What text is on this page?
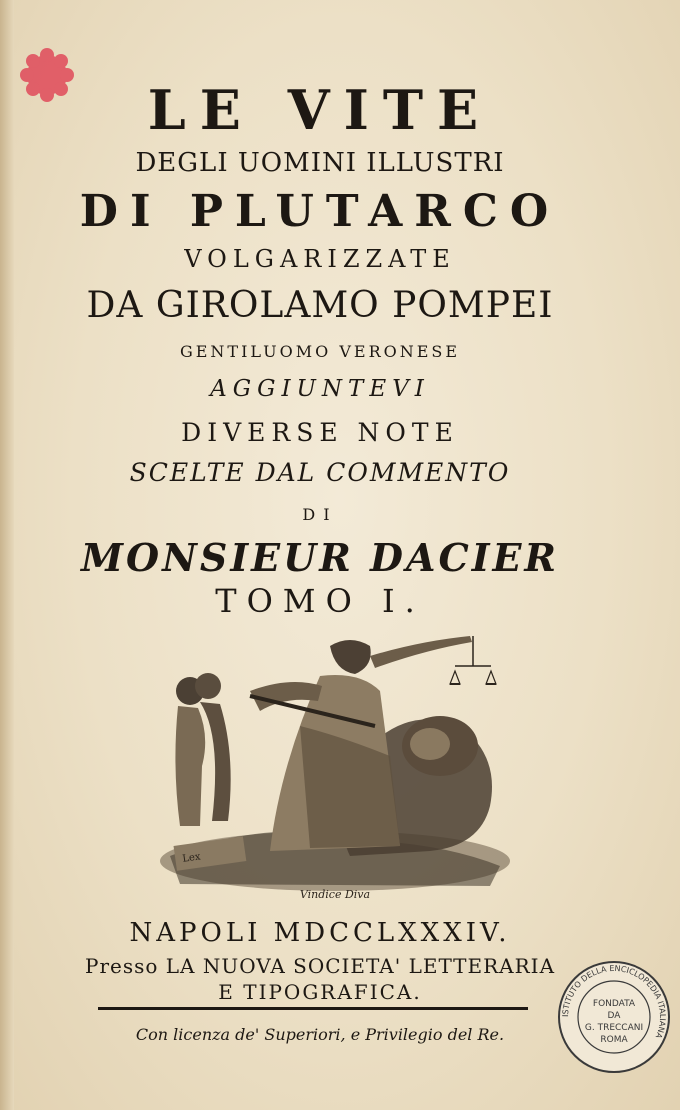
LE VITE
DEGLI UOMINI ILLUSTRI
DI PLUTARCO
VOLGARIZZATE
DA GIROLAMO POMPEI
GENTILUOMO VERONESE
AGGIUNTEVI
DIVERSE NOTE
SCELTE DAL COMMENTO
DI
MONSIEUR DACIER
TOMO I.
Lex
Vindice Diva
NAPOLI MDCCLXXXIV.
Presso LA NUOVA SOCIETA' LETTERARIA
E TIPOGRAFICA.
Con licenza de' Superiori, e Privilegio del Re.
FONDATA
DA
G. TRECCANI
ROMA
ISTITUTO DELLA ENCICLOPEDIA ITALIANA
